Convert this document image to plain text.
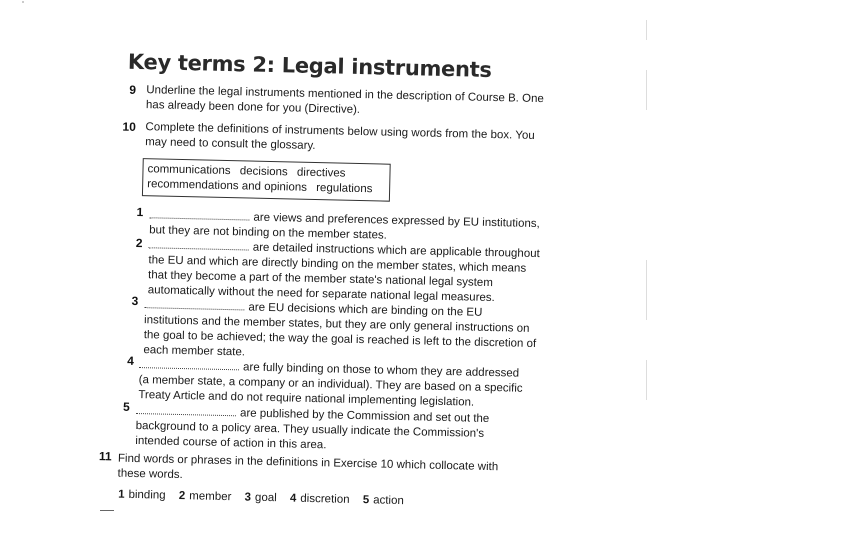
Key terms 2: Legal instruments
9 Underline the legal instruments mentioned in the description of Course B. One has already been done for you (Directive).
10 Complete the definitions of instruments below using words from the box. You may need to consult the glossary.
communications decisions directives recommendations and opinions regulations
1	are views and preferences expressed by EU institutions, but they are not binding on the member states.
2	are detailed instructions which are applicable throughout the EU and which are directly binding on the member states, which means that they become a part of the member state's national legal system automatically without the need for separate national legal measures.
3
are EU decisions which are binding on the EU institutions and the member states, but they are only general instructions on the goal to be achieved; the way the goal is reached is left to the discretion of each member state.
4
are fully binding on those to whom they are addressed (a member state, a company or an individual). They are based on a specific Treaty Article and do not require national implementing legislation.
5
are published by the Commission and set out the background to a policy area. They usually indicate the Commission's intended course of action in this area.
11 Find words or phrases in the definitions in Exercise 10 which collocate with these words.
1 binding 2 member 3 goal 4 discretion 5 action
